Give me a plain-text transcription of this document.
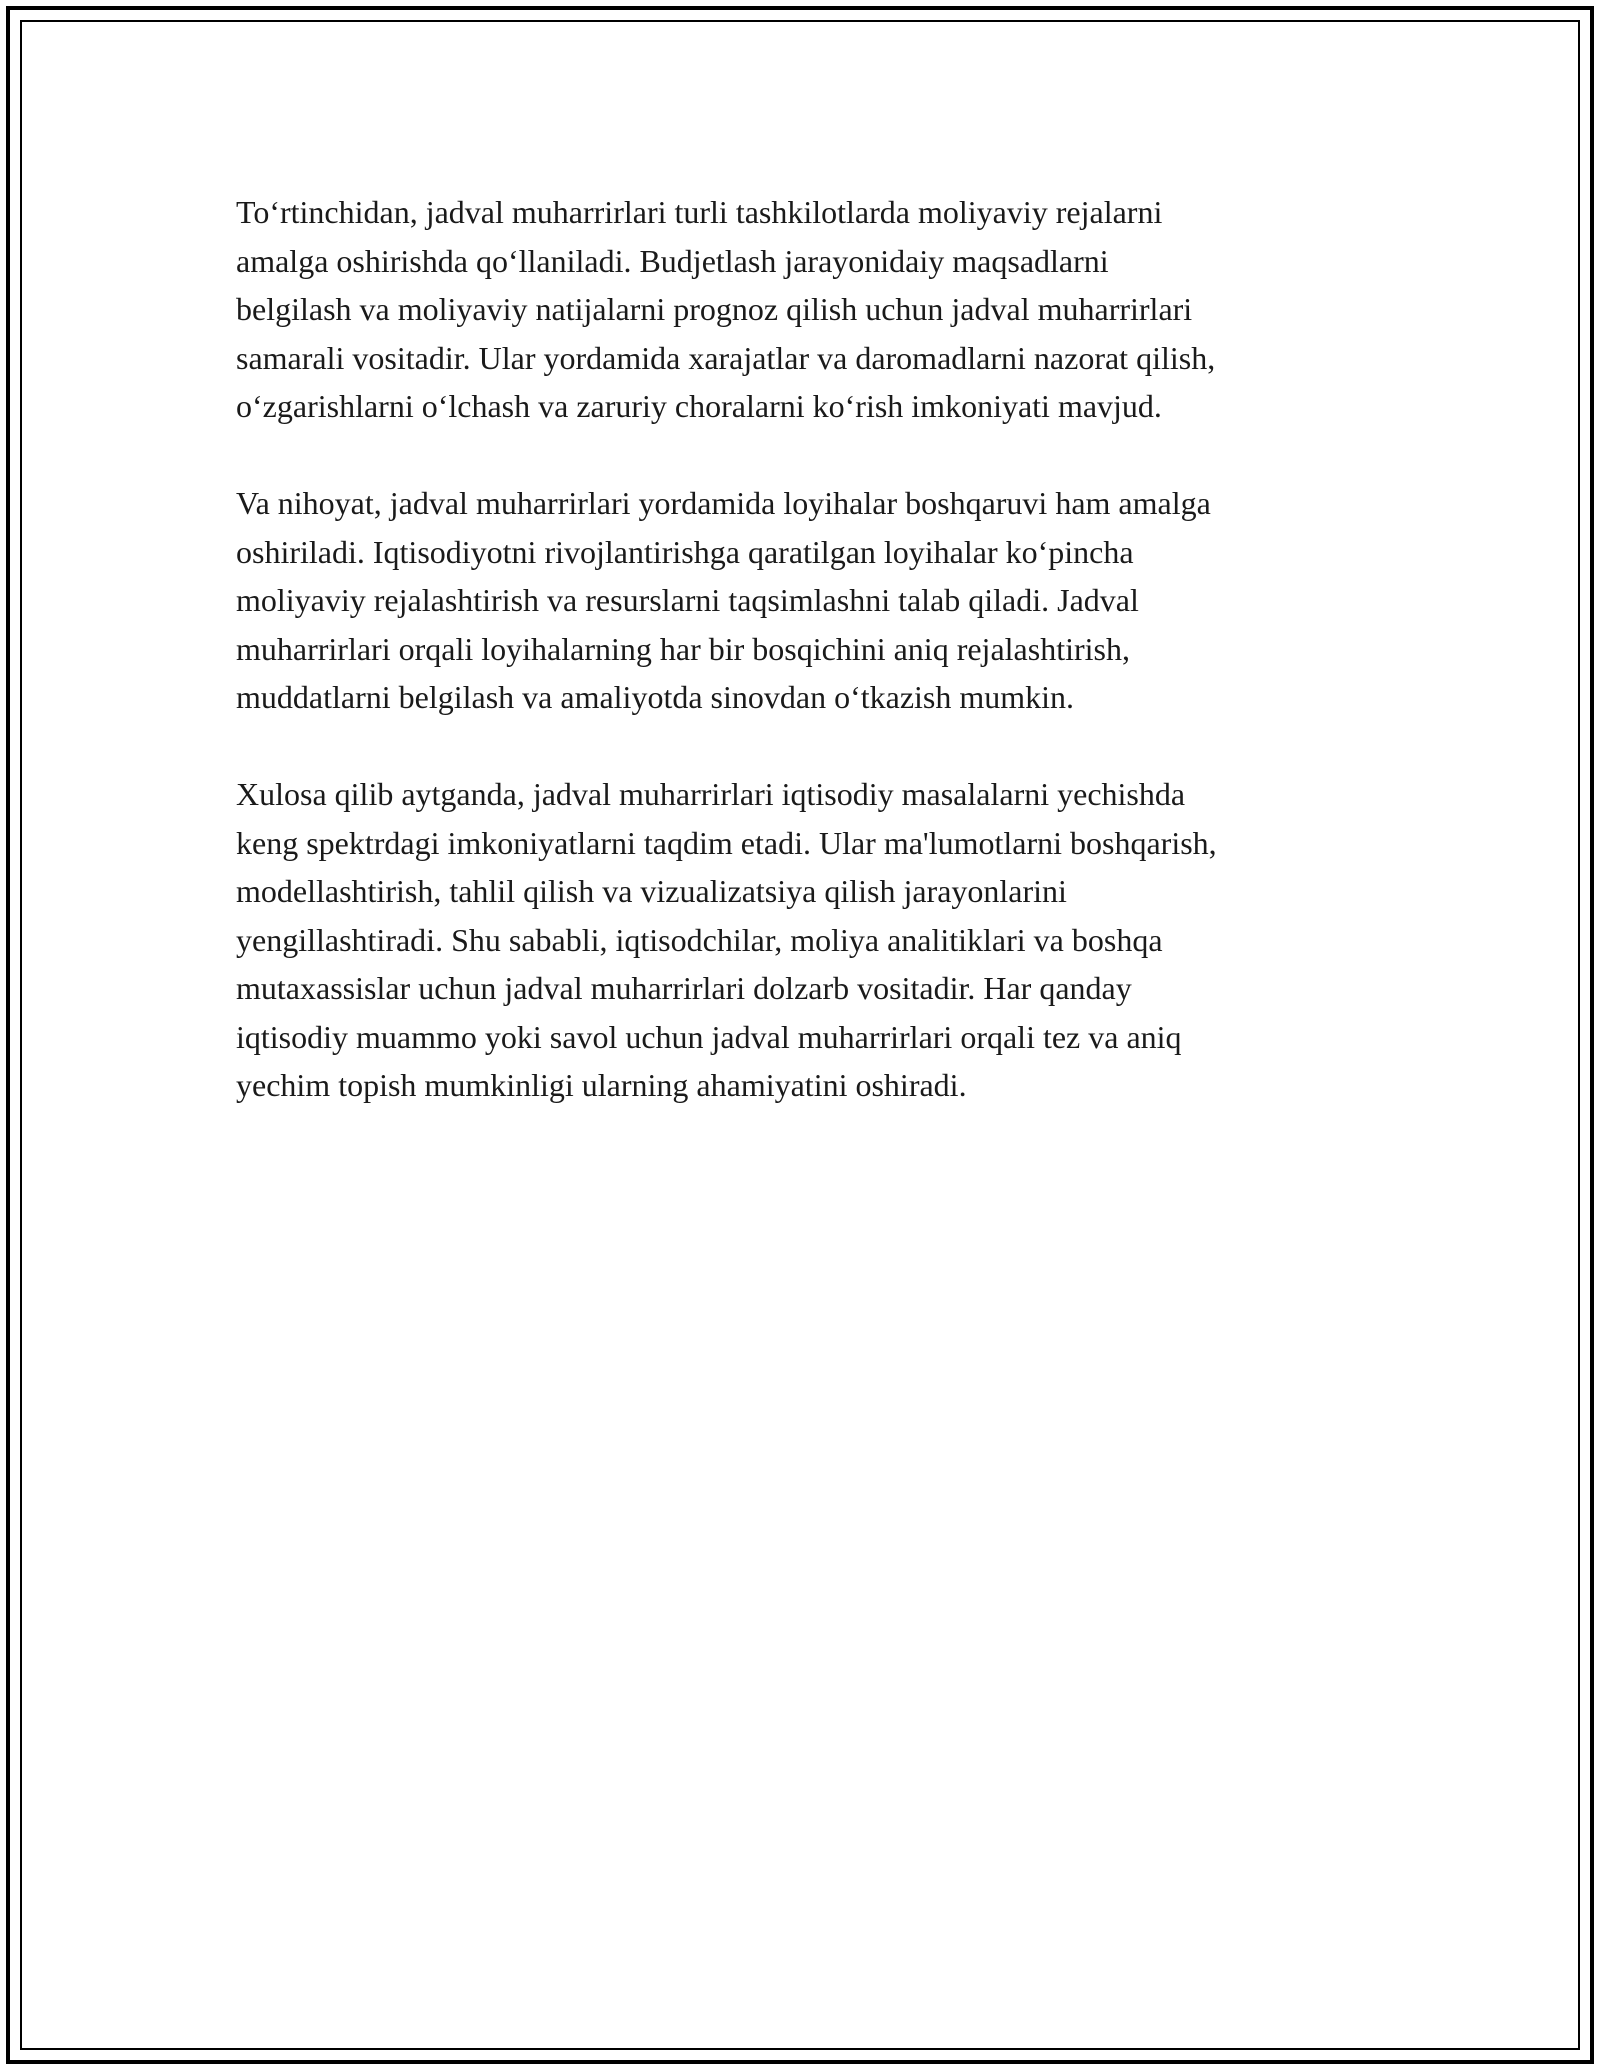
To‘rtinchidan, jadval muharrirlari turli tashkilotlarda moliyaviy rejalarni
amalga oshirishda qo‘llaniladi. Budjetlash jarayonidaiy maqsadlarni
belgilash va moliyaviy natijalarni prognoz qilish uchun jadval muharrirlari
samarali vositadir. Ular yordamida xarajatlar va daromadlarni nazorat qilish,
o‘zgarishlarni o‘lchash va zaruriy choralarni ko‘rish imkoniyati mavjud.

Va nihoyat, jadval muharrirlari yordamida loyihalar boshqaruvi ham amalga
oshiriladi. Iqtisodiyotni rivojlantirishga qaratilgan loyihalar ko‘pincha
moliyaviy rejalashtirish va resurslarni taqsimlashni talab qiladi. Jadval
muharrirlari orqali loyihalarning har bir bosqichini aniq rejalashtirish,
muddatlarni belgilash va amaliyotda sinovdan o‘tkazish mumkin.

Xulosa qilib aytganda, jadval muharrirlari iqtisodiy masalalarni yechishda
keng spektrdagi imkoniyatlarni taqdim etadi. Ular ma'lumotlarni boshqarish,
modellashtirish, tahlil qilish va vizualizatsiya qilish jarayonlarini
yengillashtiradi. Shu sababli, iqtisodchilar, moliya analitiklari va boshqa
mutaxassislar uchun jadval muharrirlari dolzarb vositadir. Har qanday
iqtisodiy muammo yoki savol uchun jadval muharrirlari orqali tez va aniq
yechim topish mumkinligi ularning ahamiyatini oshiradi.
